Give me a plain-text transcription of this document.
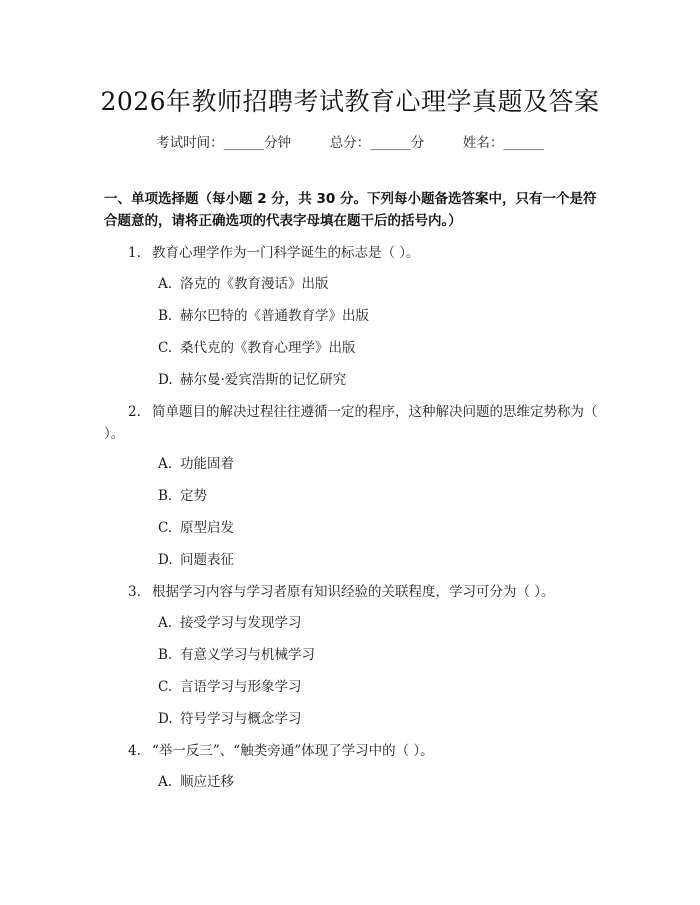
2026年教师招聘考试教育心理学真题及答案
考试时间：______分钟	总分：______分	姓名：______
一、单项选择题（每小题 2 分，共 30 分。下列每小题备选答案中，只有一个是符合题意的，请将正确选项的代表字母填在题干后的括号内。）
1. 教育心理学作为一门科学诞生的标志是（ ）。
A. 洛克的《教育漫话》出版
B. 赫尔巴特的《普通教育学》出版
C. 桑代克的《教育心理学》出版
D. 赫尔曼·爱宾浩斯的记忆研究
2. 简单题目的解决过程往往遵循一定的程序，这种解决问题的思维定势称为（ ）。
A. 功能固着
B. 定势
C. 原型启发
D. 问题表征
3. 根据学习内容与学习者原有知识经验的关联程度，学习可分为（ ）。
A. 接受学习与发现学习
B. 有意义学习与机械学习
C. 言语学习与形象学习
D. 符号学习与概念学习
4. “举一反三”、“触类旁通”体现了学习中的（ ）。
A. 顺应迁移
